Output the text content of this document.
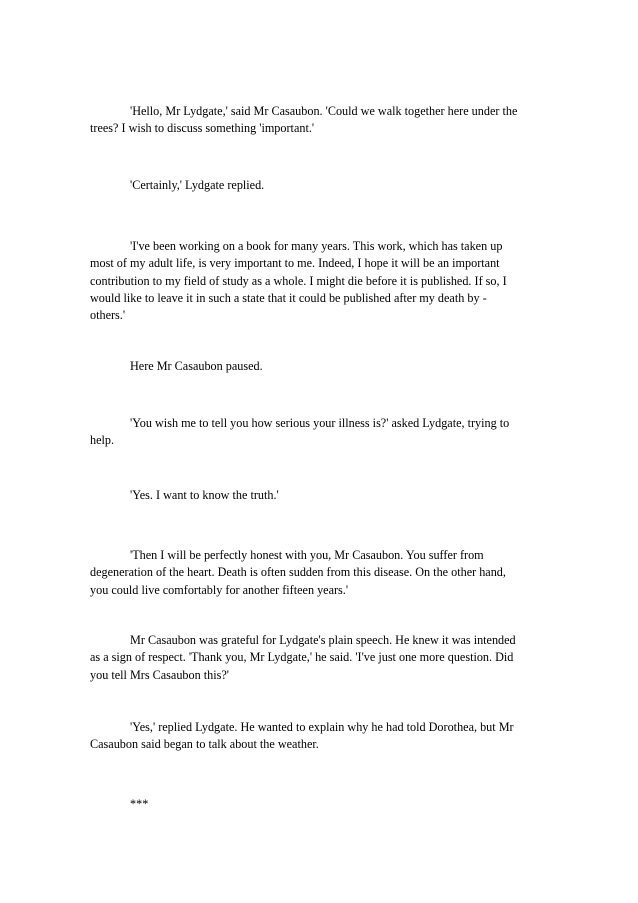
'Hello, Mr Lydgate,' said Mr Casaubon. 'Could we walk together here under the
trees? I wish to discuss something 'important.'

'Certainly,' Lydgate replied.

'I've been working on a book for many years. This work, which has taken up
most of my adult life, is very important to me. Indeed, I hope it will be an important
contribution to my field of study as a whole. I might die before it is published. If so, I
would like to leave it in such a state that it could be published after my death by -
others.'

Here Mr Casaubon paused.

'You wish me to tell you how serious your illness is?' asked Lydgate, trying to
help.

'Yes. I want to know the truth.'

'Then I will be perfectly honest with you, Mr Casaubon. You suffer from
degeneration of the heart. Death is often sudden from this disease. On the other hand,
you could live comfortably for another fifteen years.'

Mr Casaubon was grateful for Lydgate's plain speech. He knew it was intended
as a sign of respect. 'Thank you, Mr Lydgate,' he said. 'I've just one more question. Did
you tell Mrs Casaubon this?'

'Yes,' replied Lydgate. He wanted to explain why he had told Dorothea, but Mr
Casaubon said began to talk about the weather.

***
